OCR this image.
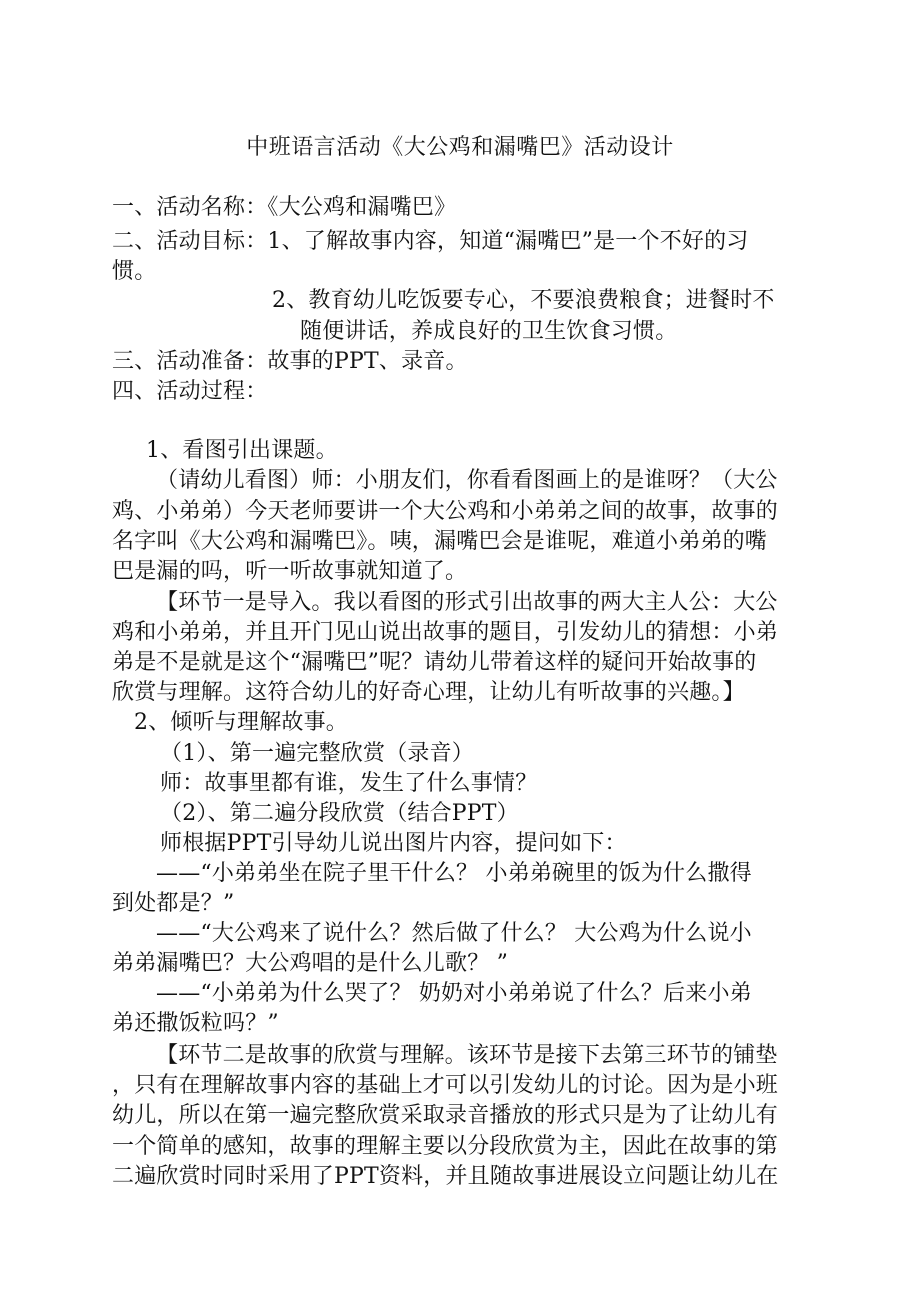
中班语言活动《大公鸡和漏嘴巴》活动设计
一、活动名称：《大公鸡和漏嘴巴》
二、活动目标：1、了解故事内容，知道“漏嘴巴”是一个不好的习
惯。
2、教育幼儿吃饭要专心，不要浪费粮食；进餐时不
随便讲话，养成良好的卫生饮食习惯。
三、活动准备：故事的PPT、录音。
四、活动过程：
1、看图引出课题。
（请幼儿看图）师：小朋友们，你看看图画上的是谁呀？（大公
鸡、小弟弟）今天老师要讲一个大公鸡和小弟弟之间的故事，故事的
名字叫《大公鸡和漏嘴巴》。咦，漏嘴巴会是谁呢，难道小弟弟的嘴
巴是漏的吗，听一听故事就知道了。
【环节一是导入。我以看图的形式引出故事的两大主人公：大公
鸡和小弟弟，并且开门见山说出故事的题目，引发幼儿的猜想：小弟
弟是不是就是这个“漏嘴巴”呢？请幼儿带着这样的疑问开始故事的
欣赏与理解。这符合幼儿的好奇心理，让幼儿有听故事的兴趣。】
2、倾听与理解故事。
（1）、第一遍完整欣赏（录音）
师：故事里都有谁，发生了什么事情？
（2）、第二遍分段欣赏（结合PPT）
师根据PPT引导幼儿说出图片内容，提问如下：
——“小弟弟坐在院子里干什么？ 小弟弟碗里的饭为什么撒得
到处都是？”
——“大公鸡来了说什么？然后做了什么？ 大公鸡为什么说小
弟弟漏嘴巴？大公鸡唱的是什么儿歌？ ”
——“小弟弟为什么哭了？ 奶奶对小弟弟说了什么？后来小弟
弟还撒饭粒吗？”
【环节二是故事的欣赏与理解。该环节是接下去第三环节的铺垫
，只有在理解故事内容的基础上才可以引发幼儿的讨论。因为是小班
幼儿，所以在第一遍完整欣赏采取录音播放的形式只是为了让幼儿有
一个简单的感知，故事的理解主要以分段欣赏为主，因此在故事的第
二遍欣赏时同时采用了PPT资料，并且随故事进展设立问题让幼儿在
